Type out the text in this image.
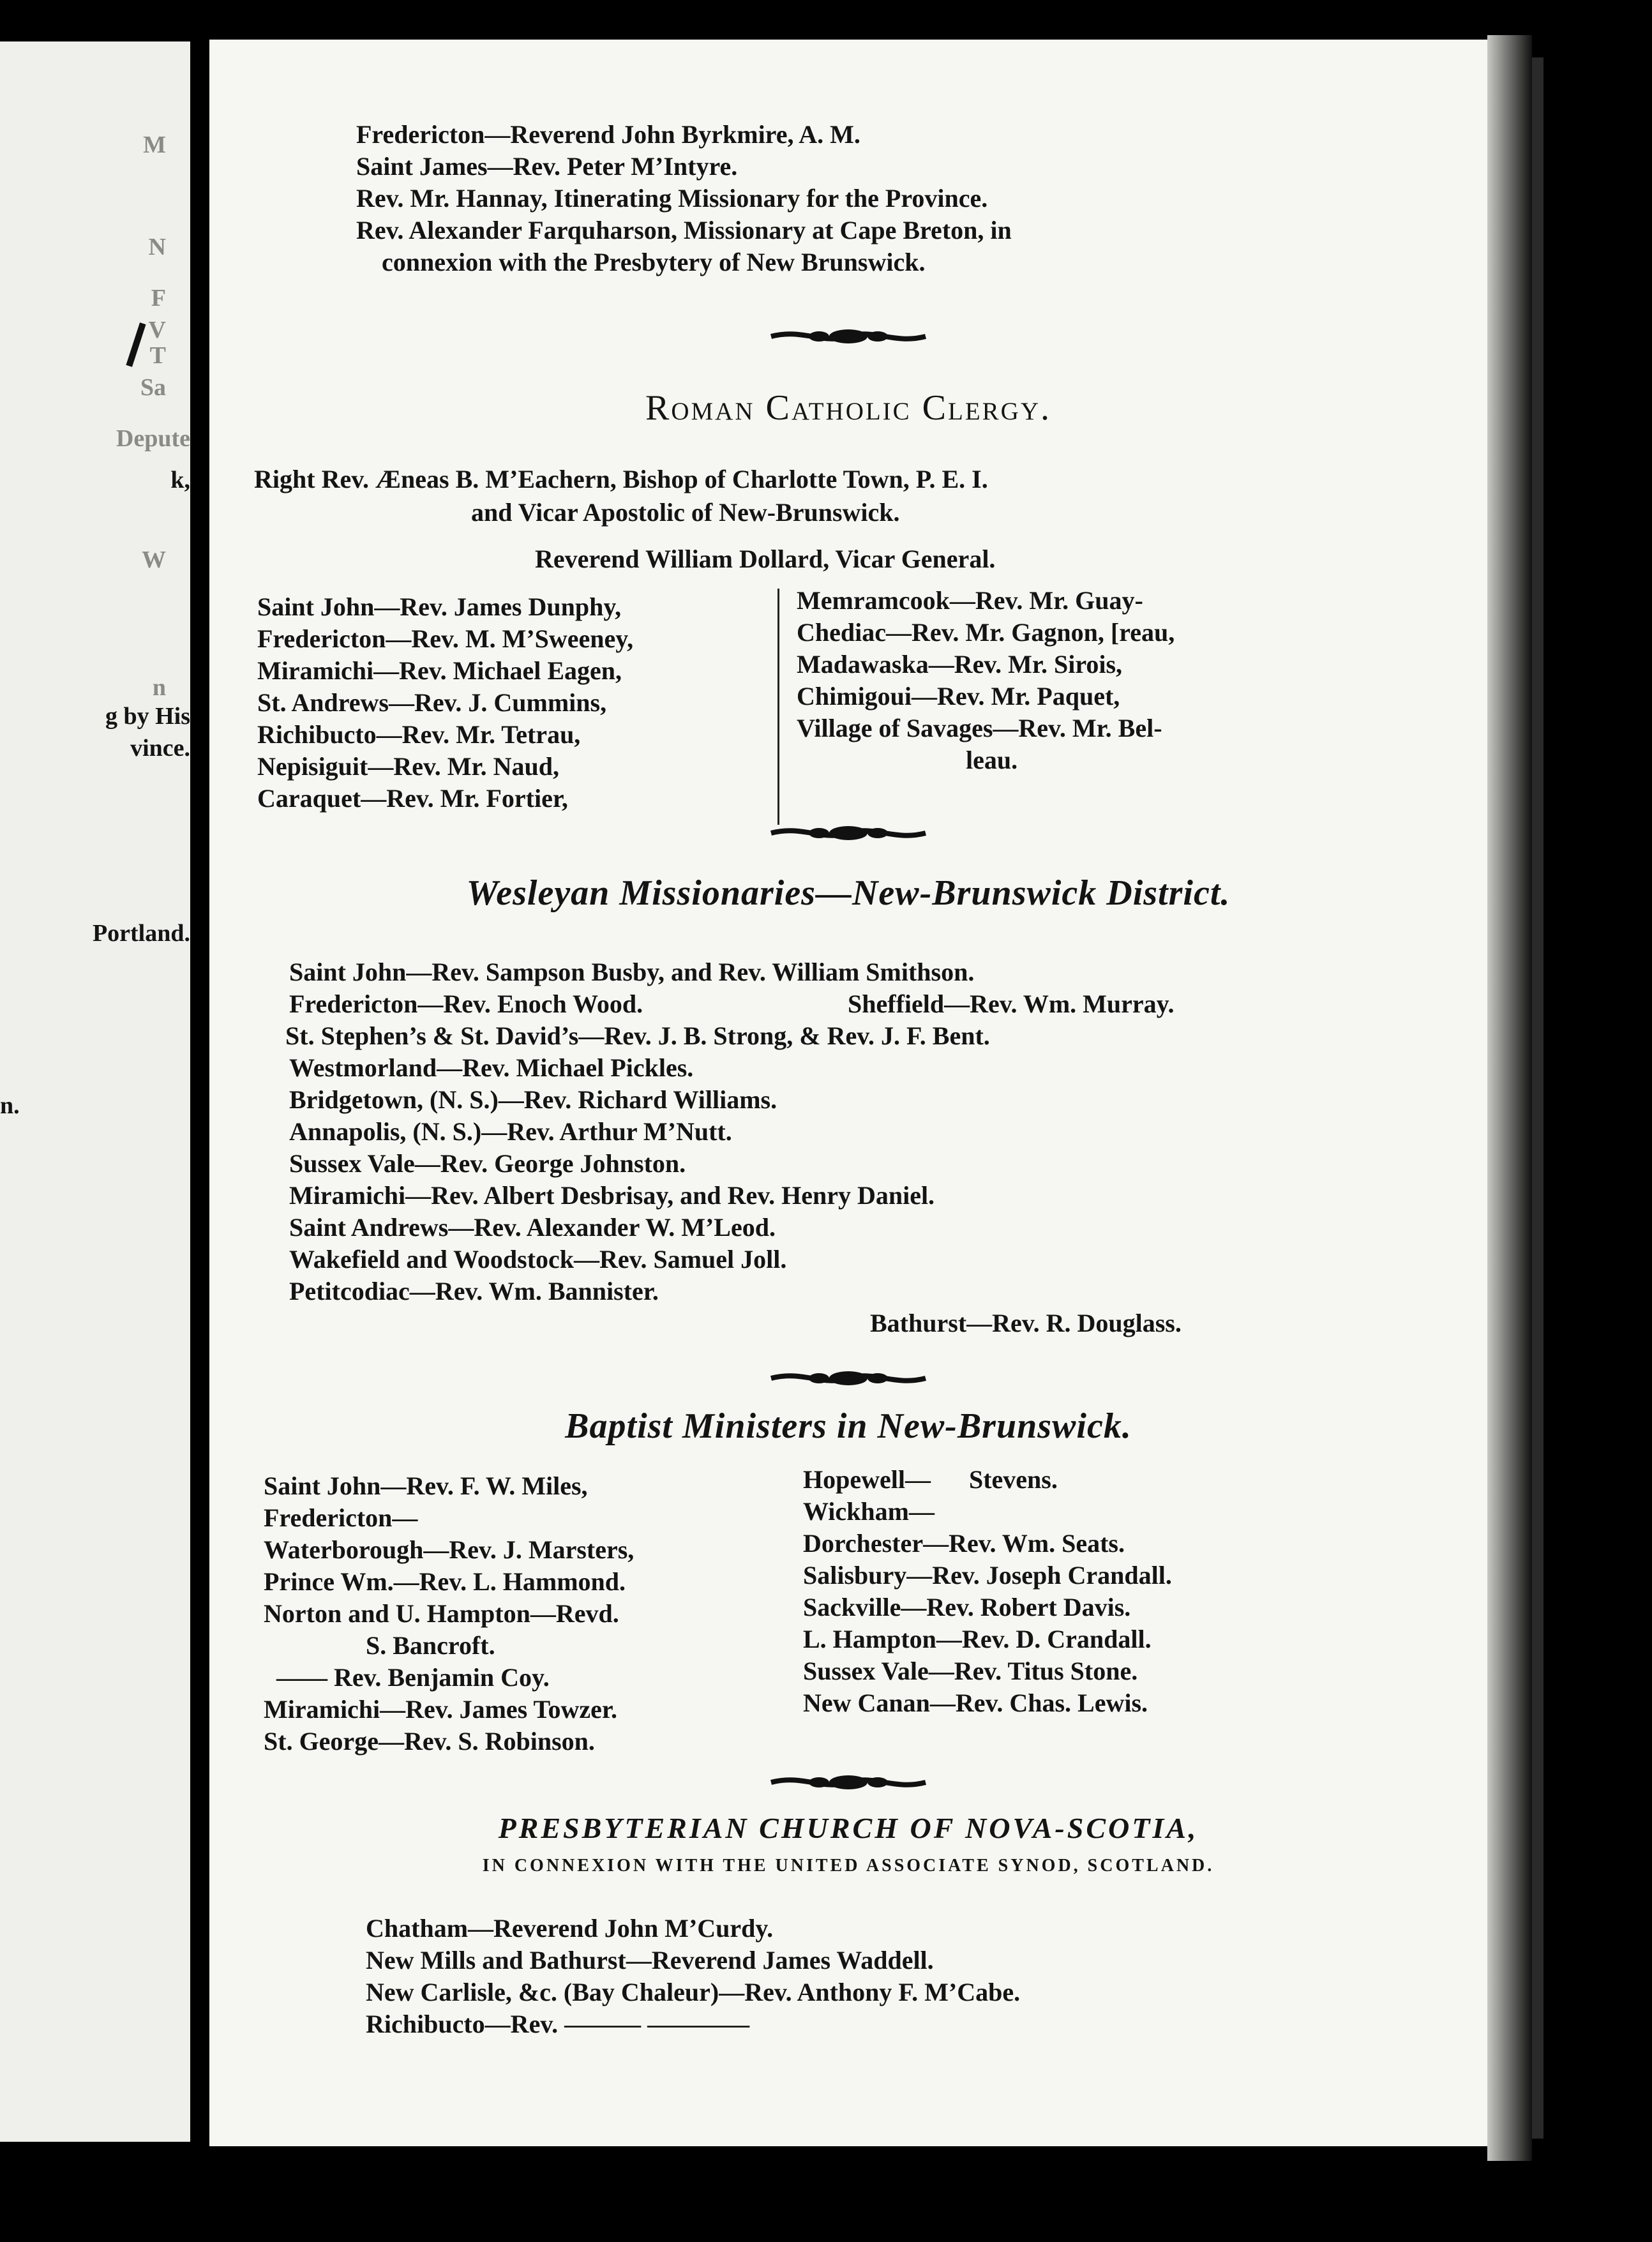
M
N
F
V
T
Sa
Depute
k,
W
n
g by His
vince.
Portland.
n.
Fredericton—Reverend John Byrkmire, A. M.
Saint James—Rev. Peter M’Intyre.
Rev. Mr. Hannay, Itinerating Missionary for the Province.
Rev. Alexander Farquharson, Missionary at Cape Breton, in
connexion with the Presbytery of New Brunswick.
Roman Catholic Clergy.
Right Rev. Æneas B. M’Eachern, Bishop of Charlotte Town, P. E. I.
and Vicar Apostolic of New-Brunswick.
Reverend William Dollard, Vicar General.
Saint John—Rev. James Dunphy,
Fredericton—Rev. M. M’Sweeney,
Miramichi—Rev. Michael Eagen,
St. Andrews—Rev. J. Cummins,
Richibucto—Rev. Mr. Tetrau,
Nepisiguit—Rev. Mr. Naud,
Caraquet—Rev. Mr. Fortier,
Memramcook—Rev. Mr. Guay-
Chediac—Rev. Mr. Gagnon, [reau,
Madawaska—Rev. Mr. Sirois,
Chimigoui—Rev. Mr. Paquet,
Village of Savages—Rev. Mr. Bel-
leau.
Wesleyan Missionaries—New-Brunswick District.
Saint John—Rev. Sampson Busby, and Rev. William Smithson.
Fredericton—Rev. Enoch Wood.
St. Stephen’s & St. David’s—Rev. J. B. Strong, & Rev. J. F. Bent.
Westmorland—Rev. Michael Pickles.
Bridgetown, (N. S.)—Rev. Richard Williams.
Annapolis, (N. S.)—Rev. Arthur M’Nutt.
Sussex Vale—Rev. George Johnston.
Miramichi—Rev. Albert Desbrisay, and Rev. Henry Daniel.
Saint Andrews—Rev. Alexander W. M’Leod.
Wakefield and Woodstock—Rev. Samuel Joll.
Petitcodiac—Rev. Wm. Bannister.
Sheffield—Rev. Wm. Murray.
Bathurst—Rev. R. Douglass.
Baptist Ministers in New-Brunswick.
Saint John—Rev. F. W. Miles,
Fredericton—
Waterborough—Rev. J. Marsters,
Prince Wm.—Rev. L. Hammond.
Norton and U. Hampton—Revd.
S. Bancroft.
—— Rev. Benjamin Coy.
Miramichi—Rev. James Towzer.
St. George—Rev. S. Robinson.
Hopewell—      Stevens.
Wickham—
Dorchester—Rev. Wm. Seats.
Salisbury—Rev. Joseph Crandall.
Sackville—Rev. Robert Davis.
L. Hampton—Rev. D. Crandall.
Sussex Vale—Rev. Titus Stone.
New Canan—Rev. Chas. Lewis.
PRESBYTERIAN CHURCH OF NOVA-SCOTIA,
IN CONNEXION WITH THE UNITED ASSOCIATE SYNOD, SCOTLAND.
Chatham—Reverend John M’Curdy.
New Mills and Bathurst—Reverend James Waddell.
New Carlisle, &c. (Bay Chaleur)—Rev. Anthony F. M’Cabe.
Richibucto—Rev. ——— ————
